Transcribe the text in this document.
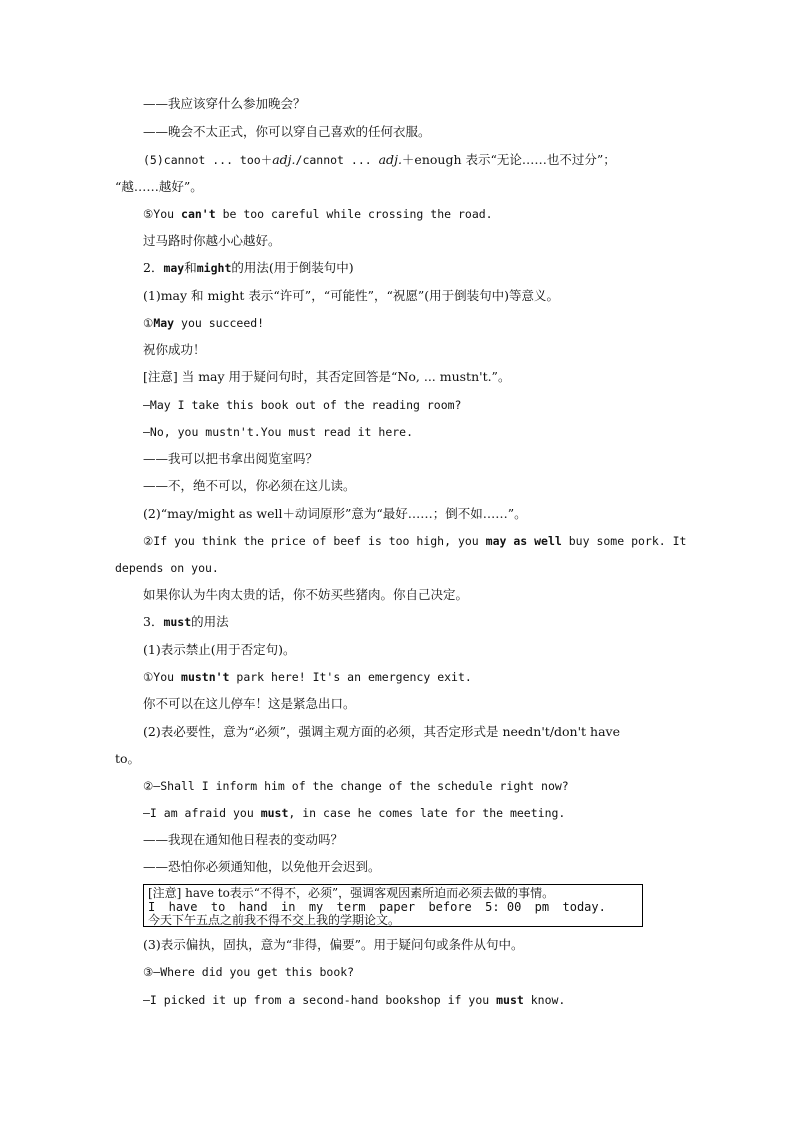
——我应该穿什么参加晚会？
——晚会不太正式，你可以穿自己喜欢的任何衣服。
(5)cannot ... too＋adj./cannot ... adj.＋enough 表示“无论……也不过分”；
“越……越好”。
⑤You can't be too careful while crossing the road.
过马路时你越小心越好。
2．may和might的用法(用于倒装句中)
(1)may 和 might 表示“许可”，“可能性”，“祝愿”(用于倒装句中)等意义。
①May you succeed!
祝你成功！
[注意] 当 may 用于疑问句时，其否定回答是“No, ... mustn't.”。
—May I take this book out of the reading room?
—No, you mustn't.You must read it here.
——我可以把书拿出阅览室吗？
——不，绝不可以，你必须在这儿读。
(2)“may/might as well＋动词原形”意为“最好……；倒不如……”。
②If you think the price of beef is too high, you may as well buy some pork. It
depends on you.
如果你认为牛肉太贵的话，你不妨买些猪肉。你自己决定。
3．must的用法
(1)表示禁止(用于否定句)。
①You mustn't park here! It's an emergency exit.
你不可以在这儿停车！这是紧急出口。
(2)表必要性，意为“必须”，强调主观方面的必须，其否定形式是 needn't/don't have
to。
②—Shall I inform him of the change of the schedule right now?
—I am afraid you must, in case he comes late for the meeting.
——我现在通知他日程表的变动吗？
——恐怕你必须通知他，以免他开会迟到。
[注意] have to表示“不得不，必须”，强调客观因素所迫而必须去做的事情。
I have to hand in my term paper before 5: 00 pm today.
今天下午五点之前我不得不交上我的学期论文。
(3)表示偏执，固执，意为“非得，偏要”。用于疑问句或条件从句中。
③—Where did you get this book?
—I picked it up from a second-hand bookshop if you must know.
